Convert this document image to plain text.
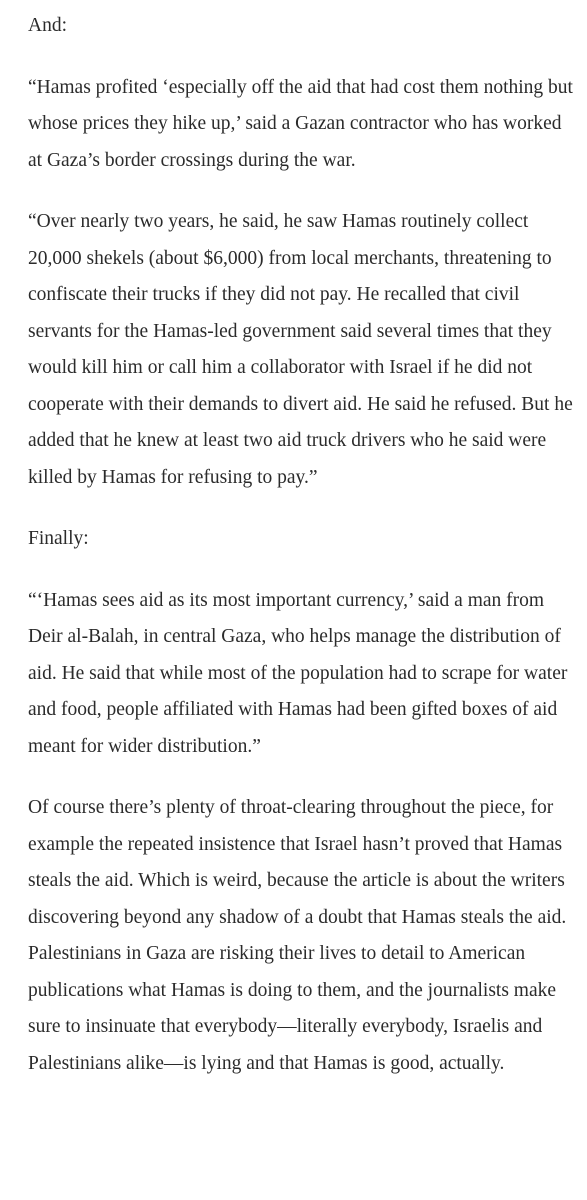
And:

“Hamas profited ‘especially off the aid that had cost them nothing but whose prices they hike up,’ said a Gazan contractor who has worked at Gaza’s border crossings during the war.

“Over nearly two years, he said, he saw Hamas routinely collect 20,000 shekels (about $6,000) from local merchants, threatening to confiscate their trucks if they did not pay. He recalled that civil servants for the Hamas-led government said several times that they would kill him or call him a collaborator with Israel if he did not cooperate with their demands to divert aid. He said he refused. But he added that he knew at least two aid truck drivers who he said were killed by Hamas for refusing to pay.”

Finally:

“‘Hamas sees aid as its most important currency,’ said a man from Deir al-Balah, in central Gaza, who helps manage the distribution of aid. He said that while most of the population had to scrape for water and food, people affiliated with Hamas had been gifted boxes of aid meant for wider distribution.”

Of course there’s plenty of throat-clearing throughout the piece, for example the repeated insistence that Israel hasn’t proved that Hamas steals the aid. Which is weird, because the article is about the writers discovering beyond any shadow of a doubt that Hamas steals the aid. Palestinians in Gaza are risking their lives to detail to American publications what Hamas is doing to them, and the journalists make sure to insinuate that everybody—literally everybody, Israelis and Palestinians alike—is lying and that Hamas is good, actually.
